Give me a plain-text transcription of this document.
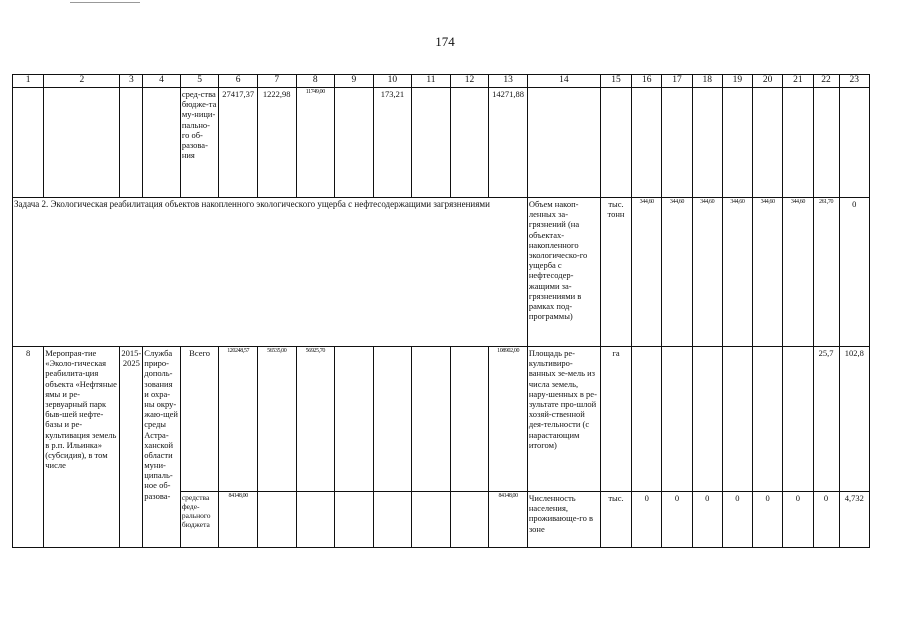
174
1	2	3	4	5	6	7	8	9	10	11	12	13	14	15	16	17	18	19	20	21	22	23
				сред-ства бюдже-та му-ници-пально-го об-разова-ния	27417,37	1222,98	11749,00		173,21			14271,88										
Задача 2. Экологическая реабилитация объектов накопленного экологического ущерба с нефтесодержащими загрязнениями													Объем накоп-ленных за-грязнений (на объектах-накопленного экологическо-го ущерба с нефтесодер-жащими за-грязнениями в рамках под-программы)	тыс. тонн	344,60	344,60	344,60	344,60	344,60	344,60	261,70	0
8	Меропрая-тие «Эколо-гическая реабилита-ция объекта «Нефтяные ямы и ре-зервуарный парк быв-шей нефте-базы и ре-культивация земель в р.п. Ильинка» (субсидия), в том числе	2015-2025	Служба приро-дополь-зования и охра-ны окру-жаю-щей среды Астра-ханской области муни-ципаль-ное об-разова-	Всего	120248,57	56535,00	56925,70					108902,00	Площадь ре-культивиро-ванных зе-мель из числа земель, нару-шенных в ре-зультате про-шлой хозяй-ственной дея-тельности (с нарастающим итогом)	га							25,7	102,8
				средства феде-рального бюджета	84148,00							84148,00	Численность населения, проживающе-го в зоне	тыс.	0	0	0	0	0	0	0	4,732
